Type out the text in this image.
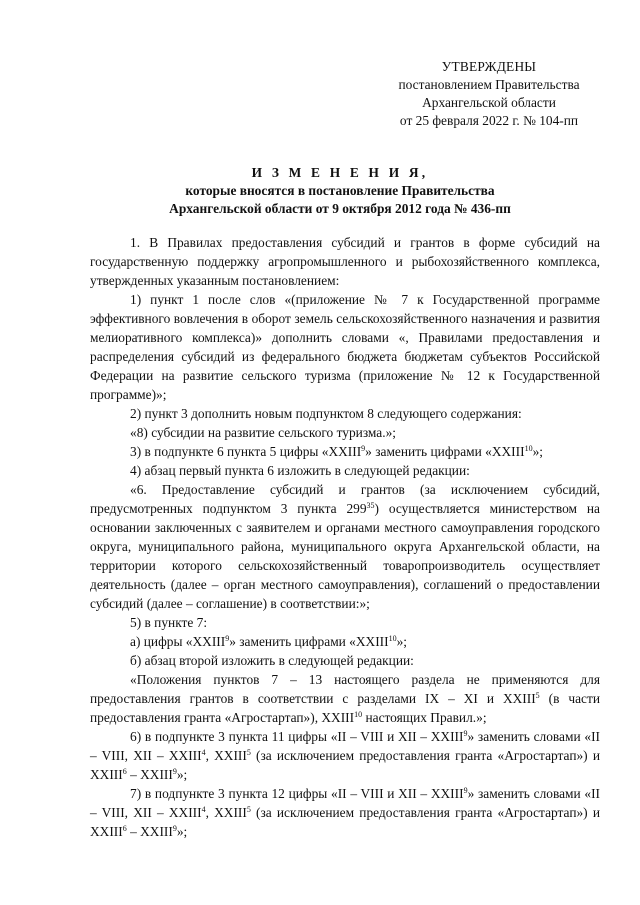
УТВЕРЖДЕНЫ
постановлением Правительства
Архангельской области
от 25 февраля 2022 г. № 104-пп
И З М Е Н Е Н И Я,
которые вносятся в постановление Правительства
Архангельской области от 9 октября 2012 года № 436-пп

1. В Правилах предоставления субсидий и грантов в форме субсидий на государственную поддержку агропромышленного и рыбохозяйственного комплекса, утвержденных указанным постановлением:

1) пункт 1 после слов «(приложение № 7 к Государственной программе эффективного вовлечения в оборот земель сельскохозяйственного назначения и развития мелиоративного комплекса)» дополнить словами «, Правилами предоставления и распределения субсидий из федерального бюджета бюджетам субъектов Российской Федерации на развитие сельского туризма (приложение № 12 к Государственной программе)»;

2) пункт 3 дополнить новым подпунктом 8 следующего содержания:

«8) субсидии на развитие сельского туризма.»;

3) в подпункте 6 пункта 5 цифры «XXIII$^9$» заменить цифрами «XXIII$^{10}$»;

4) абзац первый пункта 6 изложить в следующей редакции:

«6. Предоставление субсидий и грантов (за исключением субсидий, предусмотренных подпунктом 3 пункта $299^{35}$) осуществляется министерством на основании заключенных с заявителем и органами местного самоуправления городского округа, муниципального района, муниципального округа Архангельской области, на территории которого сельскохозяйственный товаропроизводитель осуществляет деятельность (далее – орган местного самоуправления), соглашений о предоставлении субсидий (далее – соглашение) в соответствии:»;

5) в пункте 7:

а) цифры «XXIII$^9$» заменить цифрами «XXIII$^{10}$»;

б) абзац второй изложить в следующей редакции:

«Положения пунктов 7 – 13 настоящего раздела не применяются для предоставления грантов в соответствии с разделами IX – XI и XXIII$^5$ (в части предоставления гранта «Агростартап»), XXIII$^{10}$ настоящих Правил.»;

6) в подпункте 3 пункта 11 цифры «II – VIII и XII – XXIII$^9$» заменить словами «II – VIII, XII – XXIII$^4$, XXIII$^5$ (за исключением предоставления гранта «Агростартап») и XXIII$^6$ – XXIII$^9$»;

7) в подпункте 3 пункта 12 цифры «II – VIII и XII – XXIII$^9$» заменить словами «II – VIII, XII – XXIII$^4$, XXIII$^5$ (за исключением предоставления гранта «Агростартап») и XXIII$^6$ – XXIII$^9$»;
